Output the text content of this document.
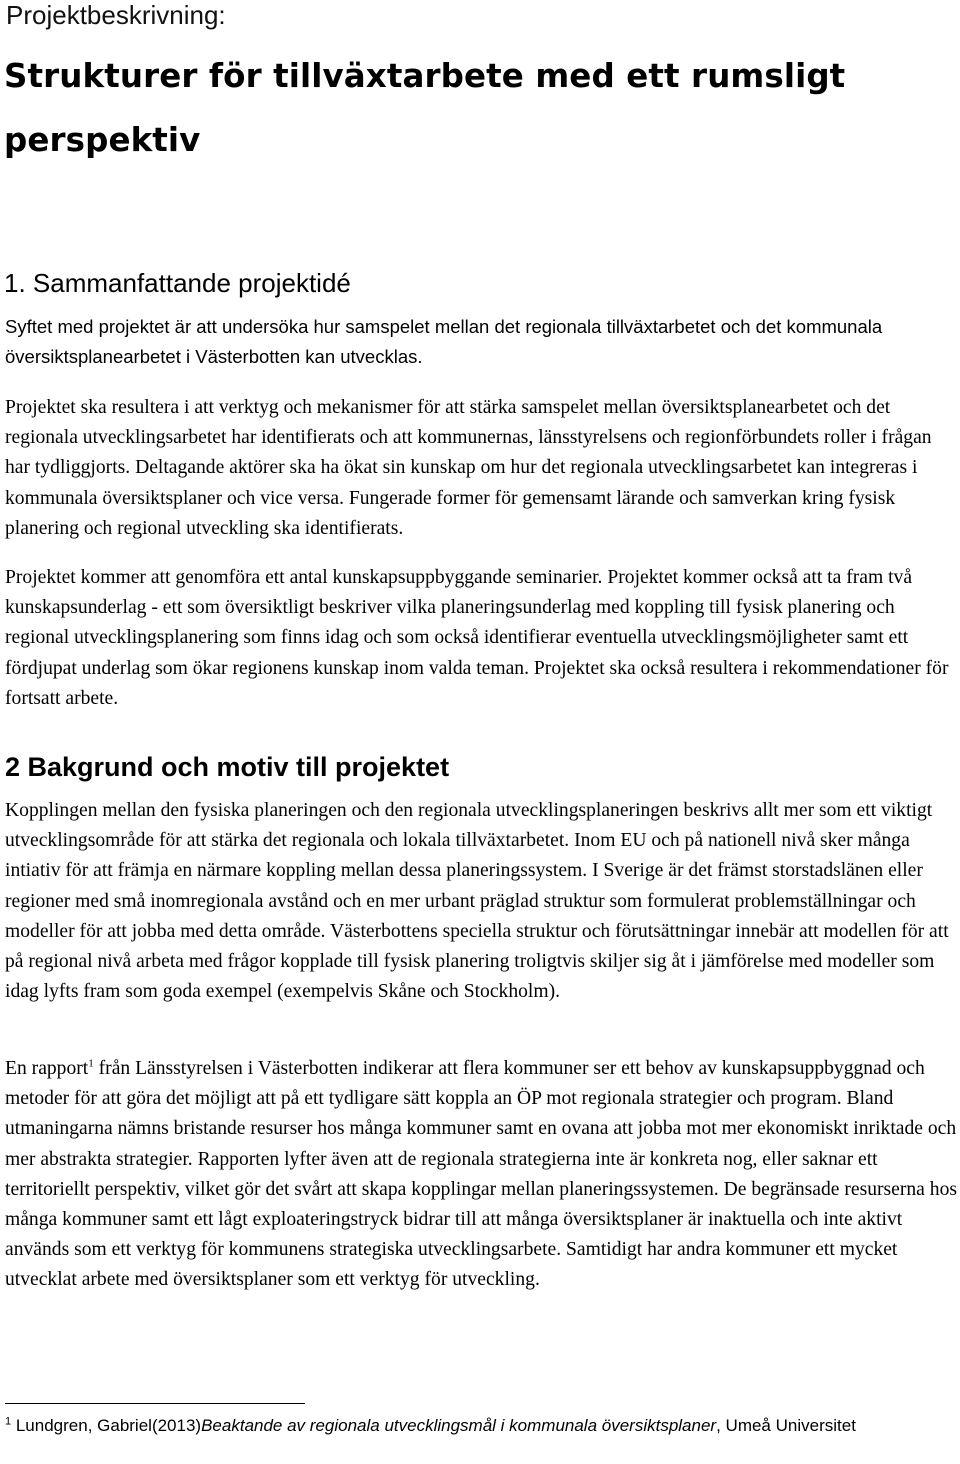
Projektbeskrivning:
Strukturer för tillväxtarbete med ett rumsligt perspektiv
1. Sammanfattande projektidé

Syftet med projektet är att undersöka hur samspelet mellan det regionala tillväxtarbetet och det kommunala översiktsplanearbetet i Västerbotten kan utvecklas.

Projektet ska resultera i att verktyg och mekanismer för att stärka samspelet mellan översiktsplanearbetet och det regionala utvecklingsarbetet har identifierats och att kommunernas, länsstyrelsens och regionförbundets roller i frågan har tydliggjorts. Deltagande aktörer ska ha ökat sin kunskap om hur det regionala utvecklingsarbetet kan integreras i kommunala översiktsplaner och vice versa. Fungerade former för gemensamt lärande och samverkan kring fysisk planering och regional utveckling ska identifierats.

Projektet kommer att genomföra ett antal kunskapsuppbyggande seminarier. Projektet kommer också att ta fram två kunskapsunderlag - ett som översiktligt beskriver vilka planeringsunderlag med koppling till fysisk planering och regional utvecklingsplanering som finns idag och som också identifierar eventuella utvecklingsmöjligheter samt ett fördjupat underlag som ökar regionens kunskap inom valda teman. Projektet ska också resultera i rekommendationer för fortsatt arbete.

2 Bakgrund och motiv till projektet

Kopplingen mellan den fysiska planeringen och den regionala utvecklingsplaneringen beskrivs allt mer som ett viktigt utvecklingsområde för att stärka det regionala och lokala tillväxtarbetet. Inom EU och på nationell nivå sker många intiativ för att främja en närmare koppling mellan dessa planeringssystem. I Sverige är det främst storstadslänen eller regioner med små inomregionala avstånd och en mer urbant präglad struktur som formulerat problemställningar och modeller för att jobba med detta område. Västerbottens speciella struktur och förutsättningar innebär att modellen för att på regional nivå arbeta med frågor kopplade till fysisk planering troligtvis skiljer sig åt i jämförelse med modeller som idag lyfts fram som goda exempel (exempelvis Skåne och Stockholm).

En rapport$^1$ från Länsstyrelsen i Västerbotten indikerar att flera kommuner ser ett behov av kunskapsuppbyggnad och metoder för att göra det möjligt att på ett tydligare sätt koppla an ÖP mot regionala strategier och program. Bland utmaningarna nämns bristande resurser hos många kommuner samt en ovana att jobba mot mer ekonomiskt inriktade och mer abstrakta strategier. Rapporten lyfter även att de regionala strategierna inte är konkreta nog, eller saknar ett territoriellt perspektiv, vilket gör det svårt att skapa kopplingar mellan planeringssystemen. De begränsade resurserna hos många kommuner samt ett lågt exploateringstryck bidrar till att många översiktsplaner är inaktuella och inte aktivt används som ett verktyg för kommunens strategiska utvecklingsarbete. Samtidigt har andra kommuner ett mycket utvecklat arbete med översiktsplaner som ett verktyg för utveckling.

$^1$ Lundgren, Gabriel(2013)Beaktande av regionala utvecklingsmål i kommunala översiktsplaner, Umeå Universitet
